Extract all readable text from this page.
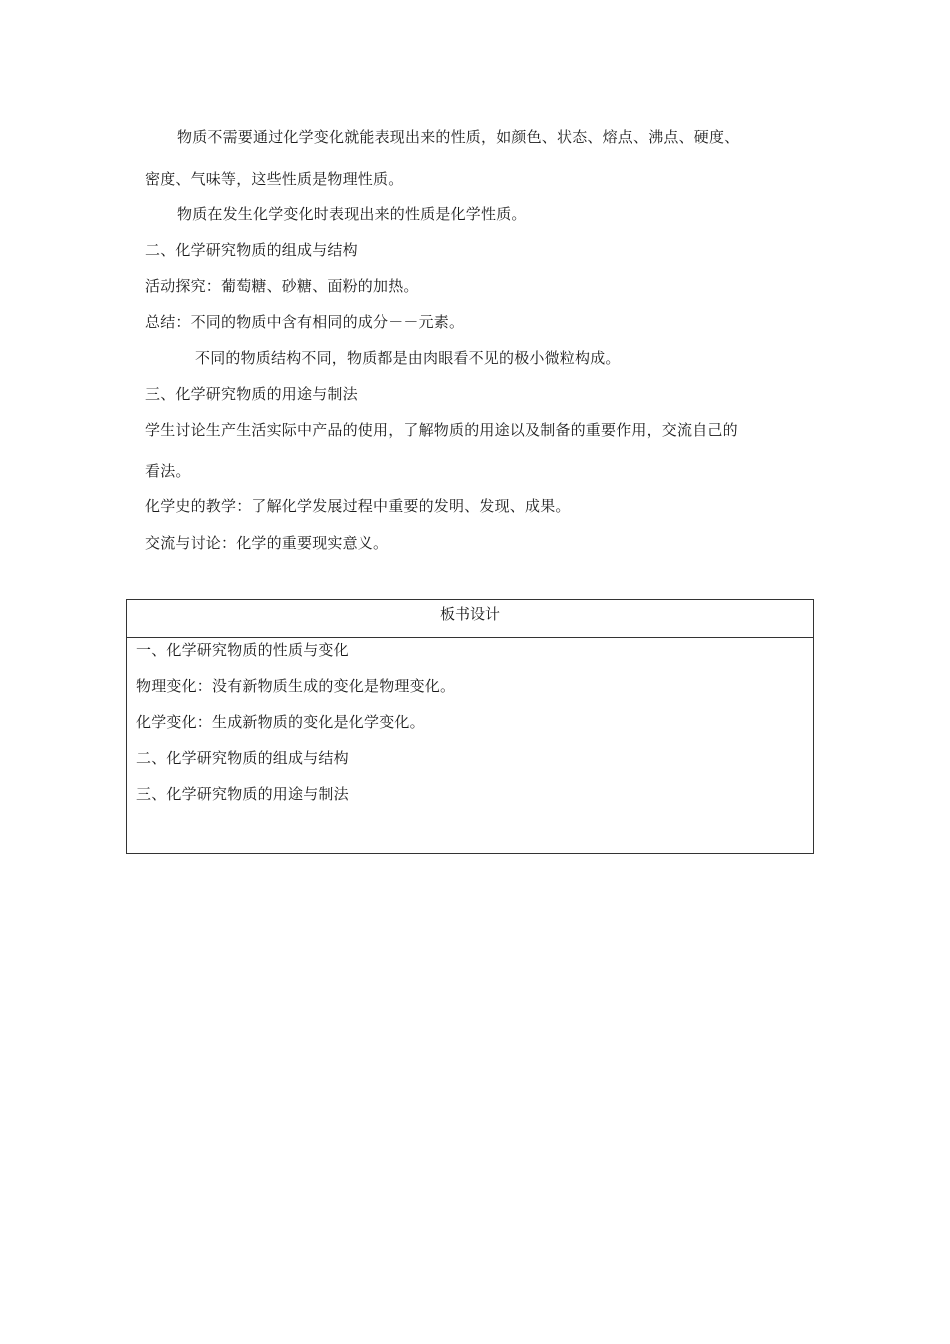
物质不需要通过化学变化就能表现出来的性质，如颜色、状态、熔点、沸点、硬度、
密度、气味等，这些性质是物理性质。
物质在发生化学变化时表现出来的性质是化学性质。
二、化学研究物质的组成与结构
活动探究：葡萄糖、砂糖、面粉的加热。
总结：不同的物质中含有相同的成分－－元素。
不同的物质结构不同，物质都是由肉眼看不见的极小微粒构成。
三、化学研究物质的用途与制法
学生讨论生产生活实际中产品的使用，了解物质的用途以及制备的重要作用，交流自己的
看法。
化学史的教学：了解化学发展过程中重要的发明、发现、成果。
交流与讨论：化学的重要现实意义。
板书设计
一、化学研究物质的性质与变化
物理变化：没有新物质生成的变化是物理变化。
化学变化：生成新物质的变化是化学变化。
二、化学研究物质的组成与结构
三、化学研究物质的用途与制法
